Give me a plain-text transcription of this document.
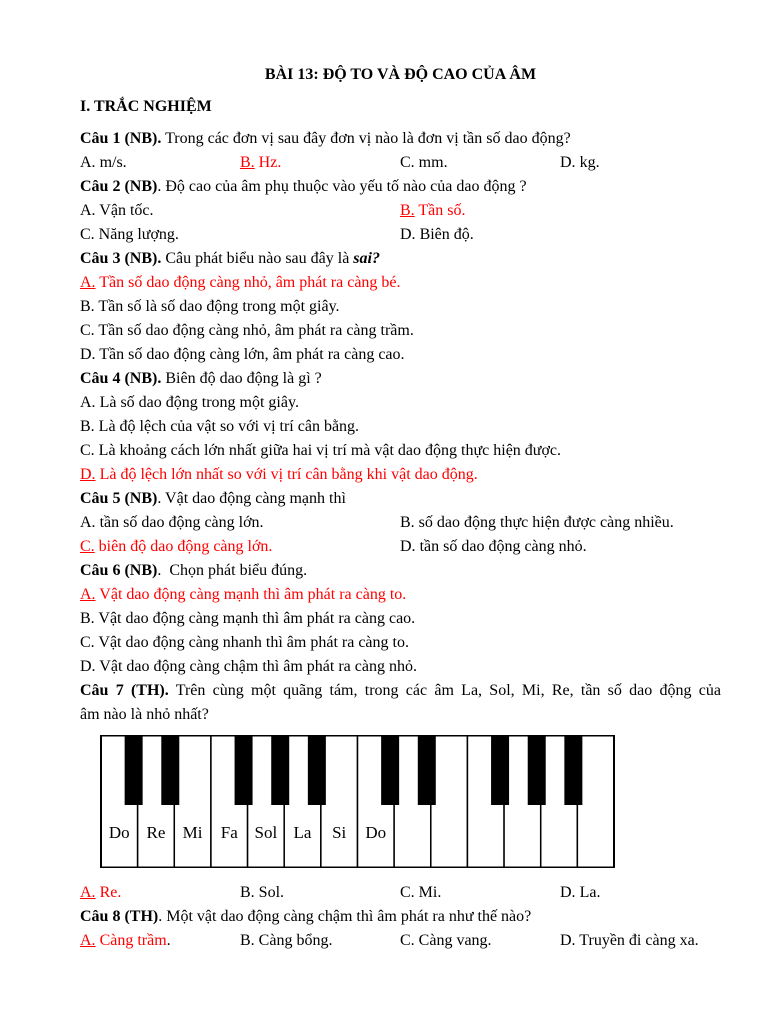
BÀI 13: ĐỘ TO VÀ ĐỘ CAO CỦA ÂM
I. TRẮC NGHIỆM
Câu 1 (NB). Trong các đơn vị sau đây đơn vị nào là đơn vị tần số dao động?
A. m/s.	B. Hz.	C. mm.	D. kg.
Câu 2 (NB). Độ cao của âm phụ thuộc vào yếu tố nào của dao động ?
A. Vận tốc.	B. Tần số.
C. Năng lượng.	D. Biên độ.
Câu 3 (NB). Câu phát biểu nào sau đây là sai?
A. Tần số dao động càng nhỏ, âm phát ra càng bé.
B. Tần số là số dao động trong một giây.
C. Tần số dao động càng nhỏ, âm phát ra càng trầm.
D. Tần số dao động càng lớn, âm phát ra càng cao.
Câu 4 (NB). Biên độ dao động là gì ?
A. Là số dao động trong một giây.
B. Là độ lệch của vật so với vị trí cân bằng.
C. Là khoảng cách lớn nhất giữa hai vị trí mà vật dao động thực hiện được.
D. Là độ lệch lớn nhất so với vị trí cân bằng khi vật dao động.
Câu 5 (NB). Vật dao động càng mạnh thì
A. tần số dao động càng lớn.	B. số dao động thực hiện được càng nhiều.
C. biên độ dao động càng lớn.	D. tần số dao động càng nhỏ.
Câu 6 (NB).  Chọn phát biểu đúng.
A. Vật dao động càng mạnh thì âm phát ra càng to.
B. Vật dao động càng mạnh thì âm phát ra càng cao.
C. Vật dao động càng nhanh thì âm phát ra càng to.
D. Vật dao động càng chậm thì âm phát ra càng nhỏ.
Câu 7 (TH). Trên cùng một quãng tám, trong các âm La, Sol, Mi, Re, tần số dao động của
âm nào là nhỏ nhất?
Do Re Mi Fa Sol La Si Do
A. Re.	B. Sol.	C. Mi.	D. La.
Câu 8 (TH). Một vật dao động càng chậm thì âm phát ra như thế nào?
A. Càng trầm.	B. Càng bổng.	C. Càng vang.	D. Truyền đi càng xa.
